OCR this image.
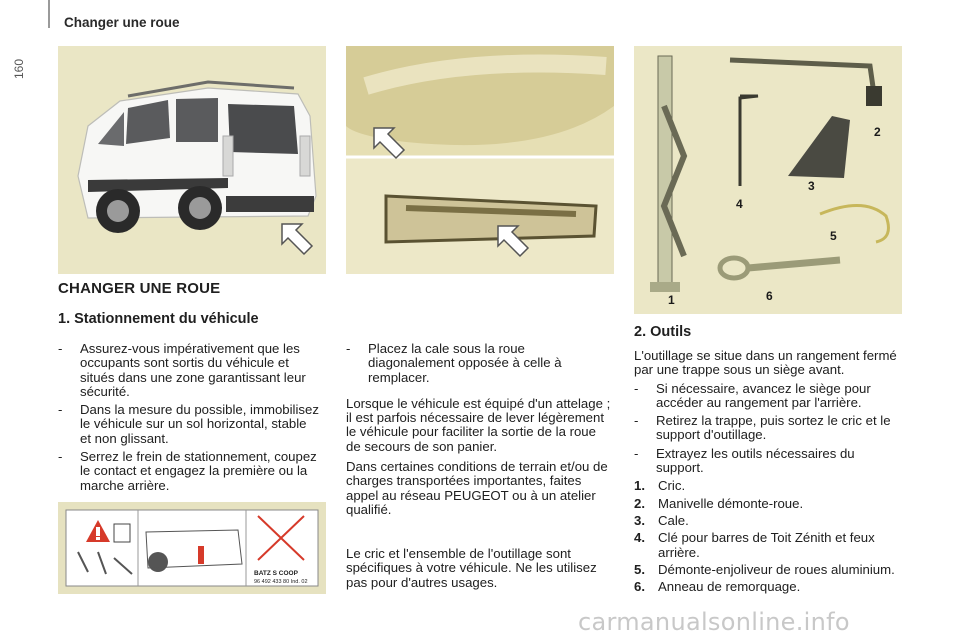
Changer une roue
160
1
2
3
4
5
6
BATZ S COOP
96 492 433 80 Ind. 02
CHANGER UNE ROUE
1. Stationnement du véhicule
-	Assurez-vous impérativement que les occupants sont sortis du véhicule et situés dans une zone garantissant leur sécurité.
-	Dans la mesure du possible, immobilisez le véhicule sur un sol horizontal, stable et non glissant.
-	Serrez le frein de stationnement, coupez le contact et engagez la première ou la marche arrière.
-	Placez la cale sous la roue diagonalement opposée à celle à remplacer.

Lorsque le véhicule est équipé d'un attelage ; il est parfois nécessaire de lever légèrement le véhicule pour faciliter la sortie de la roue de secours de son panier.

Dans certaines conditions de terrain et/ou de charges transportées importantes, faites appel au réseau PEUGEOT ou à un atelier qualifié.

Le cric et l'ensemble de l'outillage sont spécifiques à votre véhicule. Ne les utilisez pas pour d'autres usages.
2. Outils

L'outillage se situe dans un rangement fermé par une trappe sous un siège avant.

-	Si nécessaire, avancez le siège pour accéder au rangement par l'arrière.
-	Retirez la trappe, puis sortez le cric et le support d'outillage.
-	Extrayez les outils nécessaires du support.
1. Cric.
2. Manivelle démonte-roue.
3. Cale.
4. Clé pour barres de Toit Zénith et feux arrière.
5. Démonte-enjoliveur de roues aluminium.
6. Anneau de remorquage.
carmanualsonline.info
